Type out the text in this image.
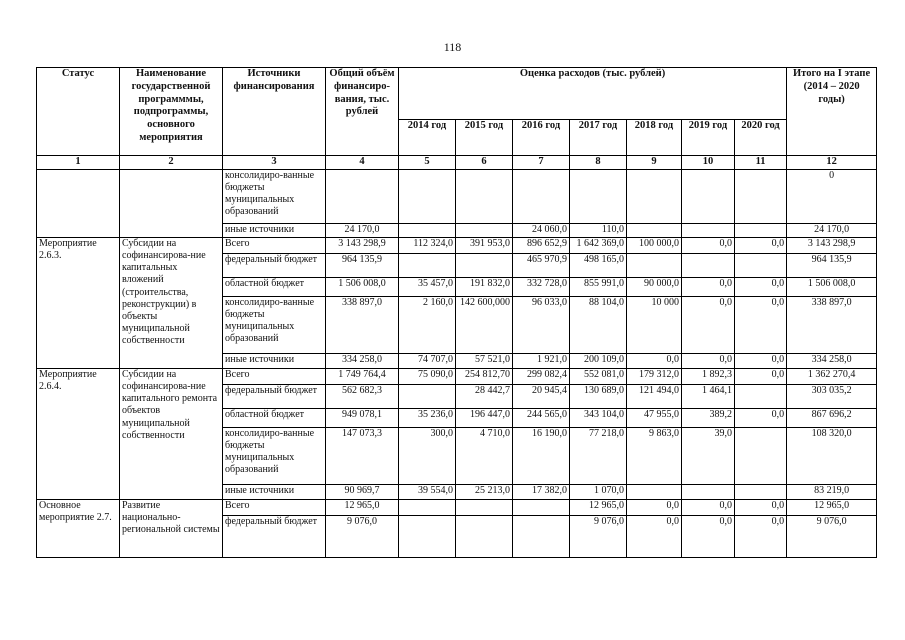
118
Статус	Наименование государственной программмы, подпрограммы, основного мероприятия	Источники финансирования	Общий объём финансиро-вания, тыс. рублей	Оценка расходов (тыс. рублей)							Итого на I этапе (2014 – 2020 годы)
				2014 год	2015 год	2016 год	2017 год	2018 год	2019 год	2020 год	
1	2	3	4	5	6	7	8	9	10	11	12
		консолидиро-ванные бюджеты муниципальных образований									0
		иные источники	24 170,0			24 060,0	110,0				24 170,0
Мероприятие 2.6.3.	Субсидии на софинансирова-ние капитальных вложений (строительства, реконструкции) в объекты муниципальной собственности	Всего	3 143 298,9	112 324,0	391 953,0	896 652,9	1 642 369,0	100 000,0	0,0	0,0	3 143 298,9
		федеральный бюджет	964 135,9			465 970,9	498 165,0				964 135,9
		областной бюджет	1 506 008,0	35 457,0	191 832,0	332 728,0	855 991,0	90 000,0	0,0	0,0	1 506 008,0
		консолидиро-ванные бюджеты муниципальных образований	338 897,0	2 160,0	142 600,000	96 033,0	88 104,0	10 000	0,0	0,0	338 897,0
		иные источники	334 258,0	74 707,0	57 521,0	1 921,0	200 109,0	0,0	0,0	0,0	334 258,0
Мероприятие 2.6.4.	Субсидии на софинансирова-ние капитального ремонта объектов муниципальной собственности	Всего	1 749 764,4	75 090,0	254 812,70	299 082,4	552 081,0	179 312,0	1 892,3	0,0	1 362 270,4
		федеральный бюджет	562 682,3		28 442,7	20 945,4	130 689,0	121 494,0	1 464,1		303 035,2
		областной бюджет	949 078,1	35 236,0	196 447,0	244 565,0	343 104,0	47 955,0	389,2	0,0	867 696,2
		консолидиро-ванные бюджеты муниципальных образований	147 073,3	300,0	4 710,0	16 190,0	77 218,0	9 863,0	39,0		108 320,0
		иные источники	90 969,7	39 554,0	25 213,0	17 382,0	1 070,0				83 219,0
Основное мероприятие 2.7.	Развитие национально-региональной системы	Всего	12 965,0				12 965,0	0,0	0,0	0,0	12 965,0
		федеральный бюджет	9 076,0				9 076,0	0,0	0,0	0,0	9 076,0
